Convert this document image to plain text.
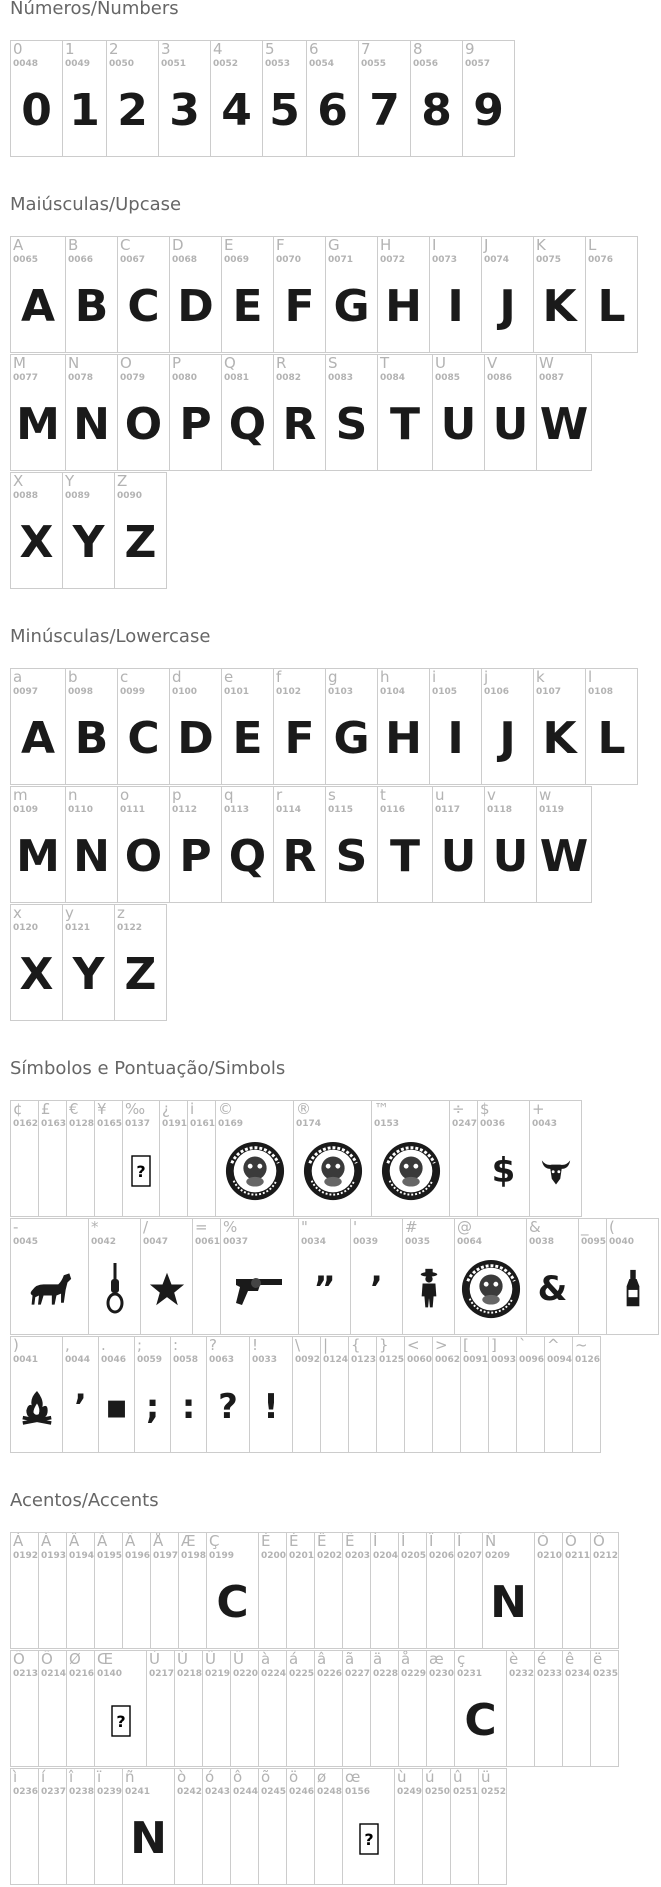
Números/Numbers
0
0048
0
1
0049
1
2
0050
2
3
0051
3
4
0052
4
5
0053
5
6
0054
6
7
0055
7
8
0056
8
9
0057
9
Maiúsculas/Upcase
A
0065
A
B
0066
B
C
0067
C
D
0068
D
E
0069
E
F
0070
F
G
0071
G
H
0072
H
I
0073
I
J
0074
J
K
0075
K
L
0076
L
M
0077
M
N
0078
N
O
0079
O
P
0080
P
Q
0081
Q
R
0082
R
S
0083
S
T
0084
T
U
0085
U
V
0086
U
W
0087
W
X
0088
X
Y
0089
Y
Z
0090
Z
Minúsculas/Lowercase
a
0097
A
b
0098
B
c
0099
C
d
0100
D
e
0101
E
f
0102
F
g
0103
G
h
0104
H
i
0105
I
j
0106
J
k
0107
K
l
0108
L
m
0109
M
n
0110
N
o
0111
O
p
0112
P
q
0113
Q
r
0114
R
s
0115
S
t
0116
T
u
0117
U
v
0118
U
w
0119
W
x
0120
X
y
0121
Y
z
0122
Z
Símbolos e Pontuação/Simbols
¢
0162
£
0163
€
0128
¥
0165
‰
0137
?
¿
0191
i
0161
©
0169
®
0174
™
0153
÷
0247
$
0036
$
+
0043
-
0045
*
0042
/
0047
=
0061
%
0037
"
0034
”
'
0039
’
#
0035
@
0064
&
0038
&
_
0095
(
0040
)
0041
,
0044
’
.
0046
▪
;
0059
;
:
0058
:
?
0063
?
!
0033
!
\
0092
|
0124
{
0123
}
0125
<
0060
>
0062
[
0091
]
0093
`
0096
^
0094
~
0126
Acentos/Accents
À
0192
Á
0193
Â
0194
Ã
0195
Ä
0196
Å
0197
Æ
0198
Ç
0199
C
È
0200
É
0201
Ê
0202
Ë
0203
Ì
0204
Í
0205
Î
0206
Ï
0207
Ñ
0209
N
Ò
0210
Ó
0211
Ô
0212
Õ
0213
Ö
0214
Ø
0216
Œ
0140
?
Ù
0217
Ú
0218
Û
0219
Ü
0220
à
0224
á
0225
â
0226
ã
0227
ä
0228
å
0229
æ
0230
ç
0231
C
è
0232
é
0233
ê
0234
ë
0235
ì
0236
í
0237
î
0238
ï
0239
ñ
0241
N
ò
0242
ó
0243
ô
0244
õ
0245
ö
0246
ø
0248
œ
0156
?
ù
0249
ú
0250
û
0251
ü
0252
